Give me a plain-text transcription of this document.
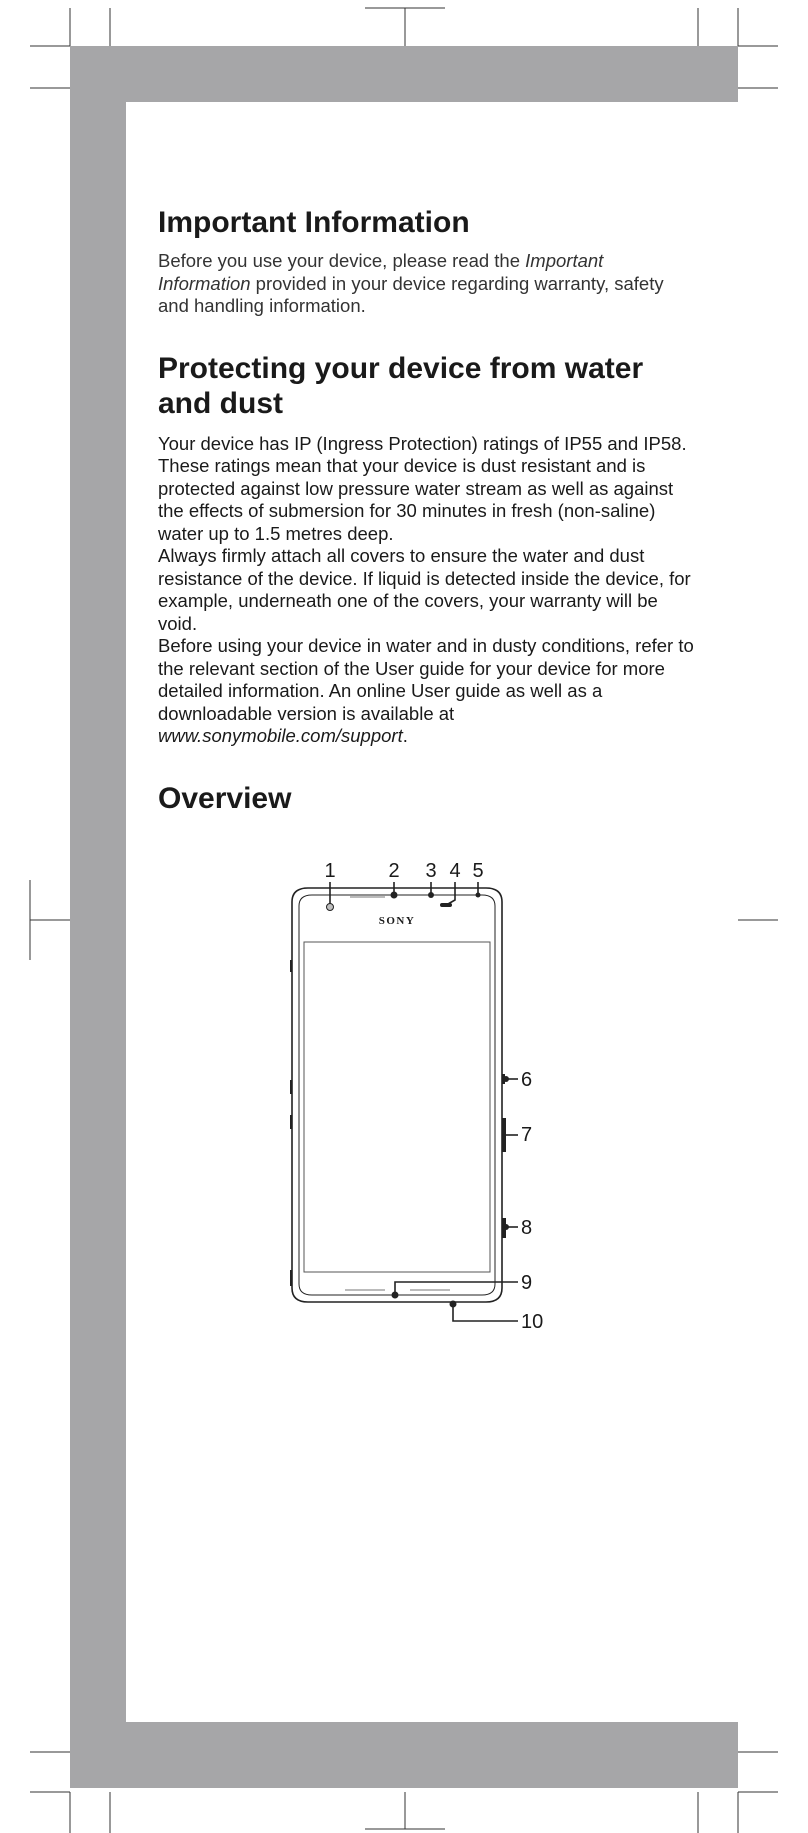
Important Information

Before you use your device, please read the Important Information provided in your device regarding warranty, safety and handling information.

Protecting your device from water and dust

Your device has IP (Ingress Protection) ratings of IP55 and IP58. These ratings mean that your device is dust resistant and is protected against low pressure water stream as well as against the effects of submersion for 30 minutes in fresh (non-saline) water up to 1.5 metres deep.

Always firmly attach all covers to ensure the water and dust resistance of the device. If liquid is detected inside the device, for example, underneath one of the covers, your warranty will be void.

Before using your device in water and in dusty conditions, refer to the relevant section of the User guide for your device for more detailed information. An online User guide as well as a downloadable version is available at www.sonymobile.com/support.

Overview
1	2 3 4 5
6
7
8
9
10
SONY
